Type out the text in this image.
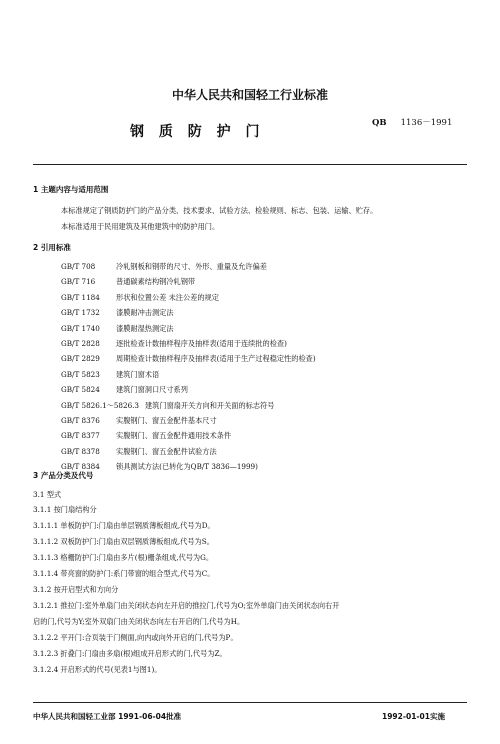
中华人民共和国轻工行业标准
QB 1136－1991
钢 质 防 护 门
1 主题内容与适用范围
本标准规定了钢质防护门的产品分类、技术要求、试验方法、检验规则、标志、包装、运输、贮存。
本标准适用于民用建筑及其他建筑中的防护用门。
2 引用标准
GB/T 708	冷轧钢板和钢带的尺寸、外形、重量及允许偏差
GB/T 716	普通碳素结构钢冷轧钢带
GB/T 1184 形状和位置公差 未注公差的规定
GB/T 1732 漆膜耐冲击测定法
GB/T 1740 漆膜耐湿热测定法
GB/T 2828 逐批检查计数抽样程序及抽样表(适用于连续批的检查)
GB/T 2829 周期检查计数抽样程序及抽样表(适用于生产过程稳定性的检查)
GB/T 5823 建筑门窗术语
GB/T 5824 建筑门窗洞口尺寸系列
GB/T 5826.1～5826.3 建筑门窗扇开关方向和开关面的标志符号
GB/T 8376 实腹钢门、窗五金配件基本尺寸
GB/T 8377 实腹钢门、窗五金配件通用技术条件
GB/T 8378 实腹钢门、窗五金配件试验方法
GB/T 8384 锁具测试方法(已转化为QB/T 3836—1999)
3 产品分类及代号
3.1 型式
3.1.1 按门扇结构分
3.1.1.1 单板防护门:门扇由单层钢质薄板组成,代号为D。
3.1.1.2 双板防护门:门扇由双层钢质薄板组成,代号为S。
3.1.1.3 格栅防护门:门扇由多片(根)栅条组成,代号为G。
3.1.1.4 带亮窗的防护门:系门带窗的组合型式,代号为C。
3.1.2 按开启型式和方向分
3.1.2.1 推拉门:室外单扇门由关闭状态向左开启的推拉门,代号为O;室外单扇门由关闭状态向右开
启的门,代号为Y;室外双扇门由关闭状态向左右开启的门,代号为H。
3.1.2.2 平开门:合页装于门侧面,向内或向外开启的门,代号为P。
3.1.2.3 折叠门:门扇由多扇(根)组成开启形式的门,代号为Z。
3.1.2.4 开启形式的代号(见表1与图1)。
中华人民共和国轻工业部 1991-06-04批准	1992-01-01实施
